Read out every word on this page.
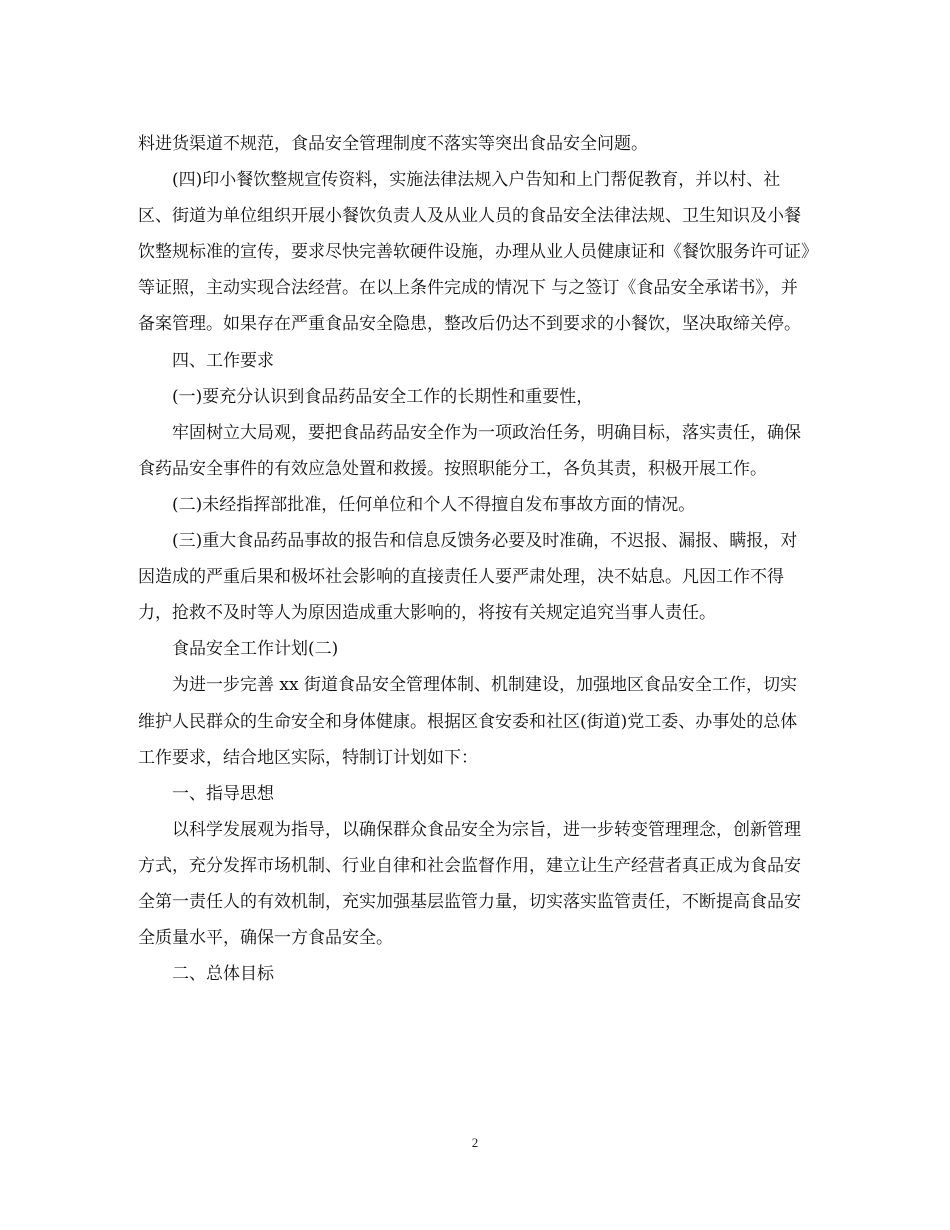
料进货渠道不规范，食品安全管理制度不落实等突出食品安全问题。

(四)印小餐饮整规宣传资料，实施法律法规入户告知和上门帮促教育，并以村、社区、街道为单位组织开展小餐饮负责人及从业人员的食品安全法律法规、卫生知识及小餐饮整规标准的宣传，要求尽快完善软硬件设施，办理从业人员健康证和《餐饮服务许可证》等证照，主动实现合法经营。在以上条件完成的情况下 与之签订《食品安全承诺书》，并备案管理。如果存在严重食品安全隐患，整改后仍达不到要求的小餐饮，坚决取缔关停。

四、工作要求

(一)要充分认识到食品药品安全工作的长期性和重要性，

牢固树立大局观，要把食品药品安全作为一项政治任务，明确目标，落实责任，确保食药品安全事件的有效应急处置和救援。按照职能分工，各负其责，积极开展工作。

(二)未经指挥部批准，任何单位和个人不得擅自发布事故方面的情况。

(三)重大食品药品事故的报告和信息反馈务必要及时准确，不迟报、漏报、瞒报，对因造成的严重后果和极坏社会影响的直接责任人要严肃处理，决不姑息。凡因工作不得力，抢救不及时等人为原因造成重大影响的，将按有关规定追究当事人责任。

食品安全工作计划(二)

为进一步完善 xx 街道食品安全管理体制、机制建设，加强地区食品安全工作，切实维护人民群众的生命安全和身体健康。根据区食安委和社区(街道)党工委、办事处的总体工作要求，结合地区实际，特制订计划如下：

一、指导思想

以科学发展观为指导，以确保群众食品安全为宗旨，进一步转变管理理念，创新管理方式，充分发挥市场机制、行业自律和社会监督作用，建立让生产经营者真正成为食品安全第一责任人的有效机制，充实加强基层监管力量，切实落实监管责任，不断提高食品安全质量水平，确保一方食品安全。

二、总体目标

2
